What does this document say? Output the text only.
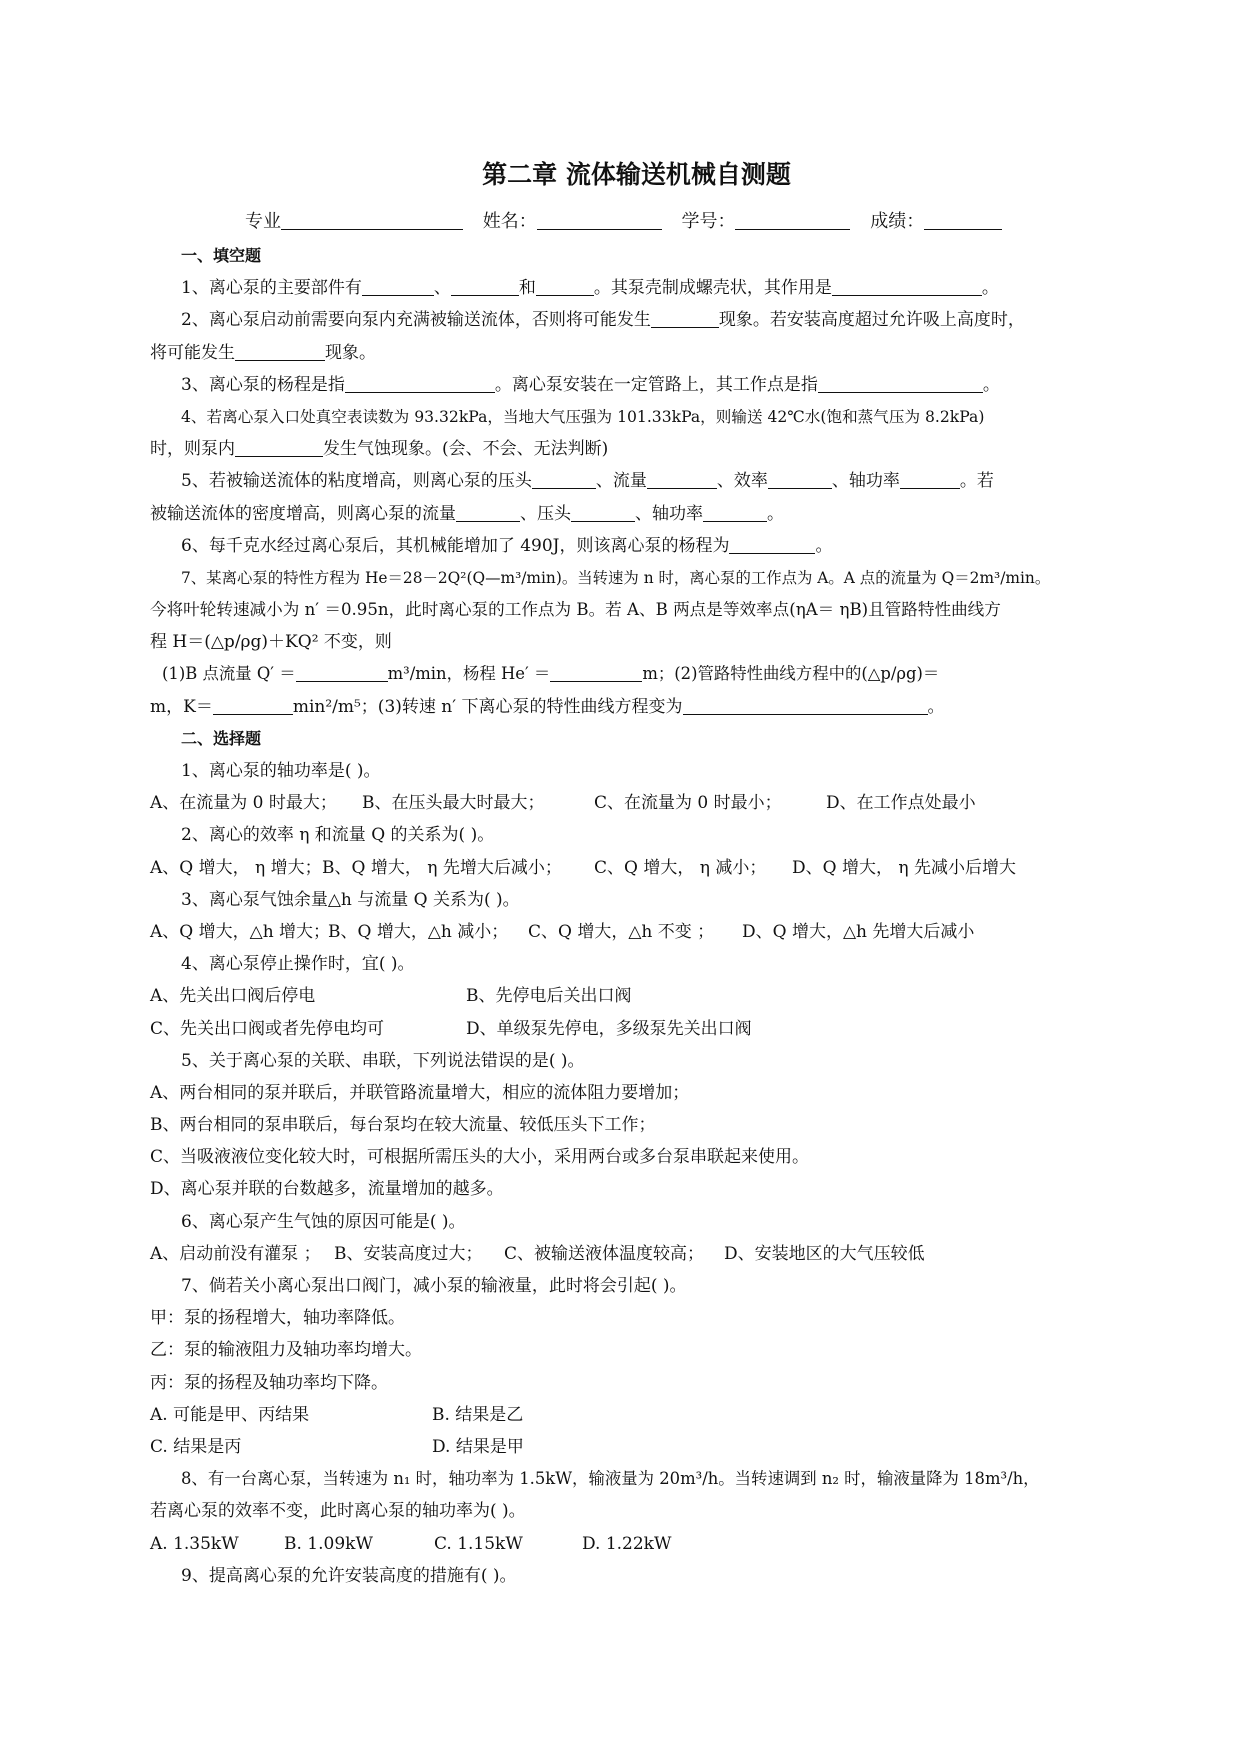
第二章 流体输送机械自测题
专业	姓名：	学号：	成绩：
一、填空题
1、离心泵的主要部件有	、	和	。其泵壳制成螺壳状，其作用是	。
2、离心泵启动前需要向泵内充满被输送流体，否则将可能发生	现象。若安装高度超过允许吸上高度时，
将可能发生	现象。
3、离心泵的杨程是指	。离心泵安装在一定管路上，其工作点是指	。
4、若离心泵入口处真空表读数为 93.32kPa，当地大气压强为 101.33kPa，则输送 42℃水(饱和蒸气压为 8.2kPa)
时，则泵内	发生气蚀现象。(会、不会、无法判断)
5、若被输送流体的粘度增高，则离心泵的压头	、流量	、效率	、轴功率	。若
被输送流体的密度增高，则离心泵的流量	、压头	、轴功率	。
6、每千克水经过离心泵后，其机械能增加了 490J，则该离心泵的杨程为	。
7、某离心泵的特性方程为 He＝28－2Q²(Q—m³/min)。当转速为 n 时，离心泵的工作点为 A。A 点的流量为 Q＝2m³/min。
今将叶轮转速减小为 n′ ＝0.95n，此时离心泵的工作点为 B。若 A、B 两点是等效率点(ηA＝ ηB)且管路特性曲线方
程 H＝(△p/ρg)＋KQ² 不变，则
(1)B 点流量 Q′ ＝	m³/min，杨程 He′ ＝	m；(2)管路特性曲线方程中的(△p/ρg)＝
m，K＝	min²/m⁵；(3)转速 n′ 下离心泵的特性曲线方程变为	。
二、选择题
1、离心泵的轴功率是( )。
A、在流量为 0 时最大； B、在压头最大时最大；	C、在流量为 0 时最小；	D、在工作点处最小
2、离心的效率 η 和流量 Q 的关系为( )。
A、Q 增大， η 增大；B、Q 增大， η 先增大后减小； C、Q 增大， η 减小； D、Q 增大， η 先减小后增大
3、离心泵气蚀余量△h 与流量 Q 关系为( )。
A、Q 增大，△h 增大；B、Q 增大，△h 减小； C、Q 增大，△h 不变 ； D、Q 增大，△h 先增大后减小
4、离心泵停止操作时，宜( )。
A、先关出口阀后停电	B、先停电后关出口阀
C、先关出口阀或者先停电均可	D、单级泵先停电，多级泵先关出口阀
5、关于离心泵的关联、串联，下列说法错误的是( )。
A、两台相同的泵并联后，并联管路流量增大，相应的流体阻力要增加；
B、两台相同的泵串联后，每台泵均在较大流量、较低压头下工作；
C、当吸液液位变化较大时，可根据所需压头的大小，采用两台或多台泵串联起来使用。
D、离心泵并联的台数越多，流量增加的越多。
6、离心泵产生气蚀的原因可能是( )。
A、启动前没有灌泵 ； B、安装高度过大； C、被输送液体温度较高； D、安装地区的大气压较低
7、倘若关小离心泵出口阀门，减小泵的输液量，此时将会引起( )。
甲：泵的扬程增大，轴功率降低。
乙：泵的输液阻力及轴功率均增大。
丙：泵的扬程及轴功率均下降。
A. 可能是甲、丙结果	B. 结果是乙
C. 结果是丙	D. 结果是甲
8、有一台离心泵，当转速为 n₁ 时，轴功率为 1.5kW，输液量为 20m³/h。当转速调到 n₂ 时，输液量降为 18m³/h，
若离心泵的效率不变，此时离心泵的轴功率为( )。
A. 1.35kW	B. 1.09kW	C. 1.15kW	D. 1.22kW
9、提高离心泵的允许安装高度的措施有( )。
